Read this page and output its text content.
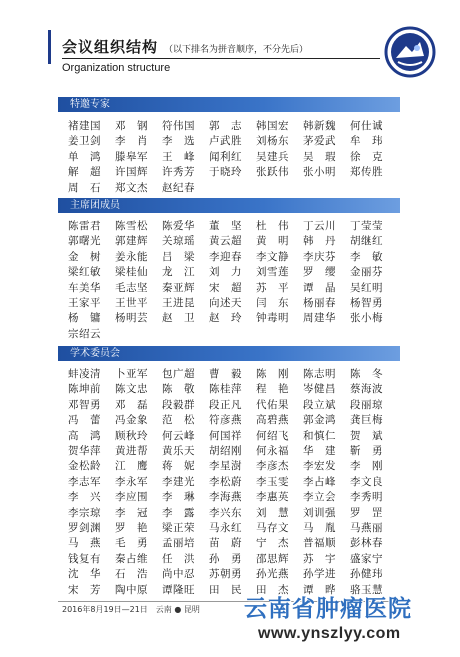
会议组织结构 （以下排名为拼音顺序，不分先后）
Organization structure
特邀专家
褚建国	邓　钢	符伟国	郭　志	韩国宏	韩新魏	何仕诚
姜卫剑	李　肖	李　选	卢武胜	刘杨东	茅爱武	牟　玮
单　鸿	滕皋军	王　峰	闻利红	吴建兵	吴　瑕	徐　克
解　超	许国辉	许秀芳	于晓玲	张跃伟	张小明	郑传胜
周　石	郑文杰	赵纪春
主席团成员
陈雷君	陈雪松	陈爱华	董　坚	杜　伟	丁云川	丁莹莹
郭曙光	郭建辉	关琼瑶	黄云超	黄　明	韩　丹	胡继红
金　树	姜永能	吕　梁	李迎春	李文静	李庆芬	李　敏
梁红敏	梁桂仙	龙　江	刘　力	刘雪莲	罗　缨	金丽芬
车美华	毛志坚	秦亚辉	宋　超	苏　平	谭　晶	吴红明
王家平	王世平	王进昆	向述天	闫　东	杨丽春	杨智勇
杨　镛	杨明芸	赵　卫	赵　玲	钟毒明	周建华	张小梅
宗绍云
学术委员会
蚌凌清	卜亚军	包广超	曹　毅	陈　刚	陈志明	陈　冬
陈坤前	陈文忠	陈　敬	陈桂萍	程　艳	岑健昌	蔡海波
邓智勇	邓　磊	段毅群	段正凡	代佑果	段立斌	段丽琼
冯　蕾	冯金象	范　松	符彦燕	高碧燕	郭金鸿	龚巨梅
高　鸿	顾秋玲	何云峰	何国祥	何绍飞	和慎仁	贺　斌
贺华萍	黄进帮	黄乐天	胡绍刚	何永福	华　建	靳　勇
金松龄	江　鹰	蒋　妮	李星澍	李彦杰	李宏发	李　刚
李志军	李永军	李建光	李松蔚	李玉雯	李占峰	李文良
李　兴	李应围	李　琳	李海燕	李惠英	李立会	李秀明
李宗琼	李　冠	李　露	李兴东	刘　慧	刘训强	罗　罡
罗剑渊	罗　艳	梁正荣	马永红	马存文	马　胤	马燕丽
马　燕	毛　勇	孟丽培	苗　蔚	宁　杰	普福顺	彭林春
钱复有	秦占维	任　洪	孙　勇	邵思辉	苏　宇	盛家宁
沈　华	石　浩	尚中忍	苏朝勇	孙光燕	孙学进	孙健玮
宋　芳	陶中原	谭隆旺	田　民	田　杰	谭　晔	骆玉慧
2016年8月19日—21日　云南 ● 昆明 云南省肿瘤医院
www.ynszlyy.com
